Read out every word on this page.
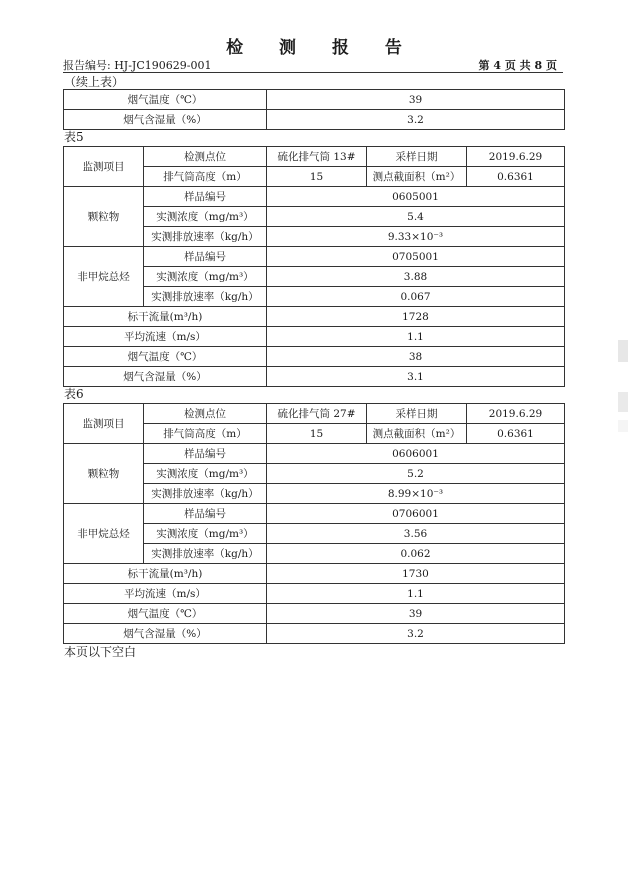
检 测 报 告
报告编号: HJ-JC190629-001	第 4 页 共 8 页
（续上表）
烟气温度（℃）	39
烟气含湿量（%）	3.2
表5
监测项目	检测点位	硫化排气筒 13#	采样日期	2019.6.29
	排气筒高度（m）	15	测点截面积（m²）	0.6361
颗粒物	样品编号	0605001		
	实测浓度（mg/m³）	5.4		
	实测排放速率（kg/h）	9.33×10⁻³		
非甲烷总烃	样品编号	0705001		
	实测浓度（mg/m³）	3.88		
	实测排放速率（kg/h）	0.067		
标干流量(m³/h)		1728		
平均流速（m/s）		1.1		
烟气温度（℃）		38		
烟气含湿量（%）		3.1		
表6
监测项目	检测点位	硫化排气筒 27#	采样日期	2019.6.29
	排气筒高度（m）	15	测点截面积（m²）	0.6361
颗粒物	样品编号	0606001		
	实测浓度（mg/m³）	5.2		
	实测排放速率（kg/h）	8.99×10⁻³		
非甲烷总烃	样品编号	0706001		
	实测浓度（mg/m³）	3.56		
	实测排放速率（kg/h）	0.062		
标干流量(m³/h)		1730		
平均流速（m/s）		1.1		
烟气温度（℃）		39		
烟气含湿量（%）		3.2		
本页以下空白
